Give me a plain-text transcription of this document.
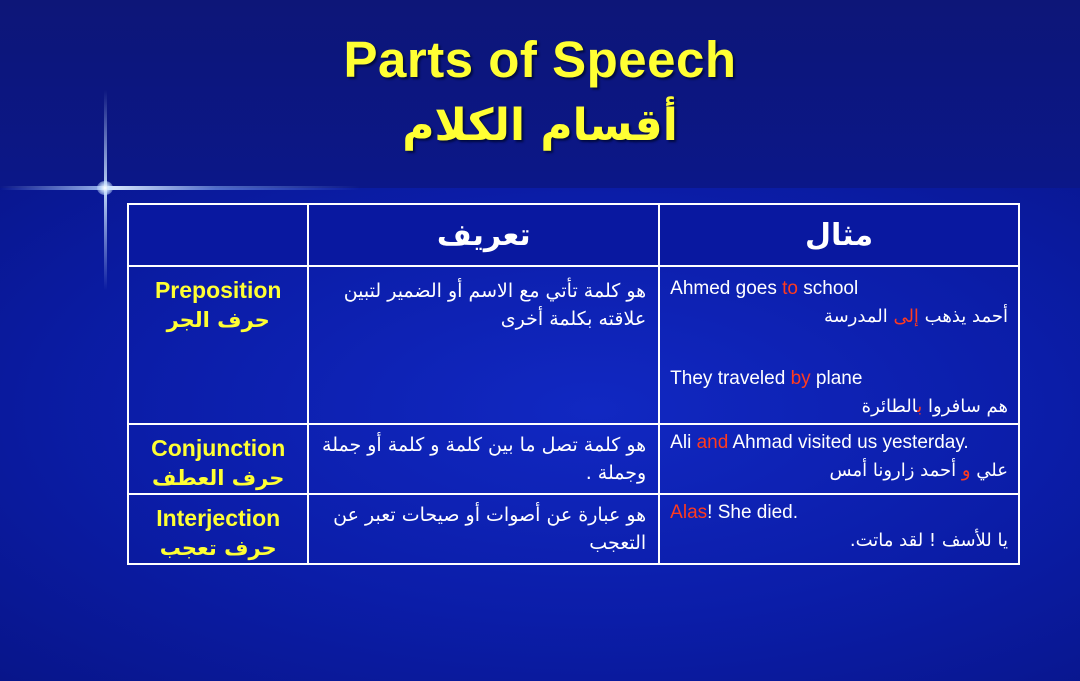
Parts of Speech
أقسام الكلام
	تعريف	مثال

Preposition
حرف الجر	هو كلمة تأتي مع الاسم أو الضمير لتبين علاقته بكلمة أخرى	Ahmed goes to school
أحمد يذهب إلى المدرسة
They traveled by plane
هم سافروا بالطائرة

Conjunction
حرف العطف	هو كلمة تصل ما بين كلمة و كلمة أو جملة وجملة .	Ali and Ahmad visited us yesterday.
علي و أحمد زارونا أمس

Interjection
حرف تعجب	هو عبارة عن أصوات أو صيحات تعبر عن التعجب	Alas! She died.
يا للأسف ! لقد ماتت.
